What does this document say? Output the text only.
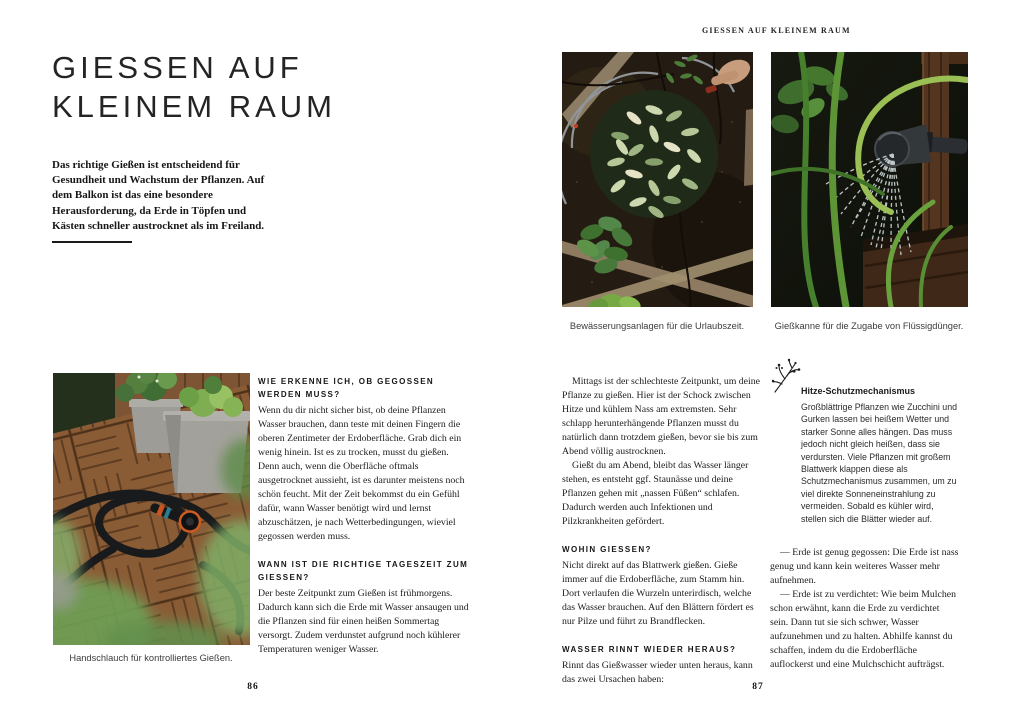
GIESSEN AUF
KLEINEM RAUM
Das richtige Gießen ist entscheidend für Gesundheit und Wachstum der Pflanzen. Auf dem Balkon ist das eine besondere Herausforderung, da Erde in Töpfen und Kästen schneller austrocknet als im Freiland.
Handschlauch für kontrolliertes Gießen.

WIE ERKENNE ICH, OB GEGOSSEN WERDEN MUSS?

Wenn du dir nicht sicher bist, ob deine Pflanzen Wasser brauchen, dann teste mit deinen Fingern die oberen Zentimeter der Erdoberfläche. Grab dich ein wenig hinein. Ist es zu trocken, musst du gießen. Denn auch, wenn die Oberfläche oftmals ausgetrocknet aussieht, ist es darunter meistens noch schön feucht. Mit der Zeit bekommst du ein Gefühl dafür, wann Wasser benötigt wird und lernst abzuschätzen, je nach Wetterbedingungen, wieviel gegossen werden muss.

WANN IST DIE RICHTIGE TAGESZEIT ZUM GIESSEN?

Der beste Zeitpunkt zum Gießen ist frühmorgens. Dadurch kann sich die Erde mit Wasser ansaugen und die Pflanzen sind für einen heißen Sommertag versorgt. Zudem verdunstet aufgrund noch kühlerer Temperaturen weniger Wasser.

86
GIESSEN AUF KLEINEM RAUM
Bewässerungsanlagen für die Urlaubszeit.	Gießkanne für die Zugabe von Flüssigdünger.

Mittags ist der schlechteste Zeitpunkt, um deine Pflanze zu gießen. Hier ist der Schock zwischen Hitze und kühlem Nass am extremsten. Sehr schlapp herunterhängende Pflanzen musst du natürlich dann trotzdem gießen, bevor sie bis zum Abend völlig austrocknen.

Gießt du am Abend, bleibt das Wasser länger stehen, es entsteht ggf. Staunässe und deine Pflanzen gehen mit „nassen Füßen“ schlafen. Dadurch werden auch Infektionen und Pilzkrankheiten gefördert.

WOHIN GIESSEN?

Nicht direkt auf das Blattwerk gießen. Gieße immer auf die Erdoberfläche, zum Stamm hin. Dort verlaufen die Wurzeln unterirdisch, welche das Wasser brauchen. Auf den Blättern fördert es nur Pilze und führt zu Brandflecken.

WASSER RINNT WIEDER HERAUS?

Rinnt das Gießwasser wieder unten heraus, kann das zwei Ursachen haben:

Hitze-Schutzmechanismus
Großblättrige Pflanzen wie Zucchini und Gurken lassen bei heißem Wetter und starker Sonne alles hängen. Das muss jedoch nicht gleich heißen, dass sie verdursten. Viele Pflanzen mit großem Blattwerk klappen diese als Schutzmechanismus zusammen, um zu viel direkte Sonneneinstrahlung zu vermeiden. Sobald es kühler wird, stellen sich die Blätter wieder auf.

— Erde ist genug gegossen: Die Erde ist nass genug und kann kein weiteres Wasser mehr aufnehmen.

— Erde ist zu verdichtet: Wie beim Mulchen schon erwähnt, kann die Erde zu verdichtet sein. Dann tut sie sich schwer, Wasser aufzunehmen und zu halten. Abhilfe kannst du schaffen, indem du die Erdoberfläche auflockerst und eine Mulchschicht aufträgst.

87
